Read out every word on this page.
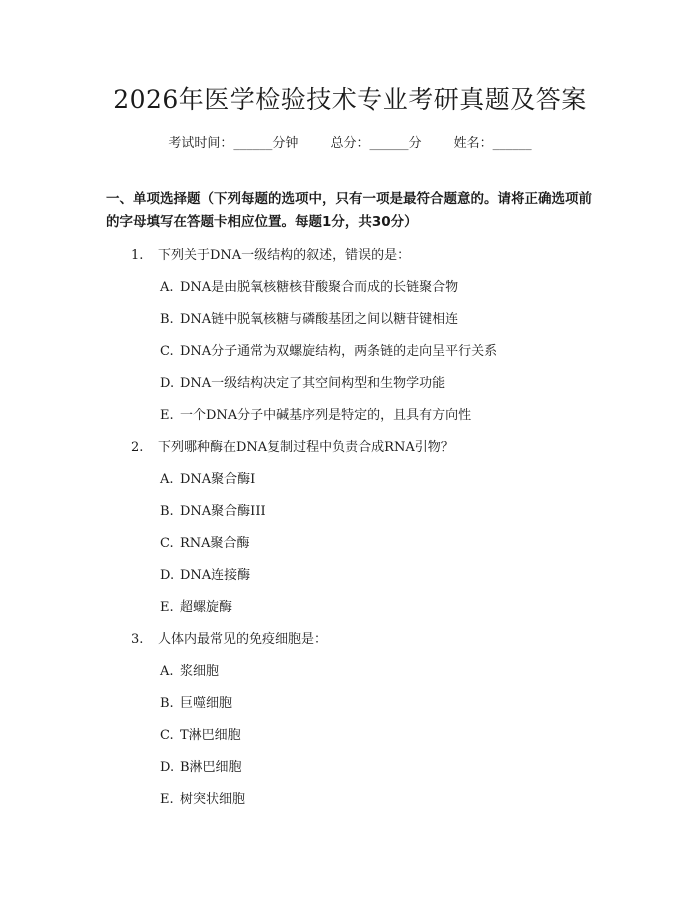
2026年医学检验技术专业考研真题及答案
考试时间：______分钟 总分：______分 姓名：______
一、单项选择题（下列每题的选项中，只有一项是最符合题意的。请将正确选项前的字母填写在答题卡相应位置。每题1分，共30分）
1. 下列关于DNA一级结构的叙述，错误的是：
A. DNA是由脱氧核糖核苷酸聚合而成的长链聚合物
B. DNA链中脱氧核糖与磷酸基团之间以糖苷键相连
C. DNA分子通常为双螺旋结构，两条链的走向呈平行关系
D. DNA一级结构决定了其空间构型和生物学功能
E. 一个DNA分子中碱基序列是特定的，且具有方向性
2. 下列哪种酶在DNA复制过程中负责合成RNA引物？
A. DNA聚合酶I
B. DNA聚合酶III
C. RNA聚合酶
D. DNA连接酶
E. 超螺旋酶
3. 人体内最常见的免疫细胞是：
A. 浆细胞
B. 巨噬细胞
C. T淋巴细胞
D. B淋巴细胞
E. 树突状细胞
